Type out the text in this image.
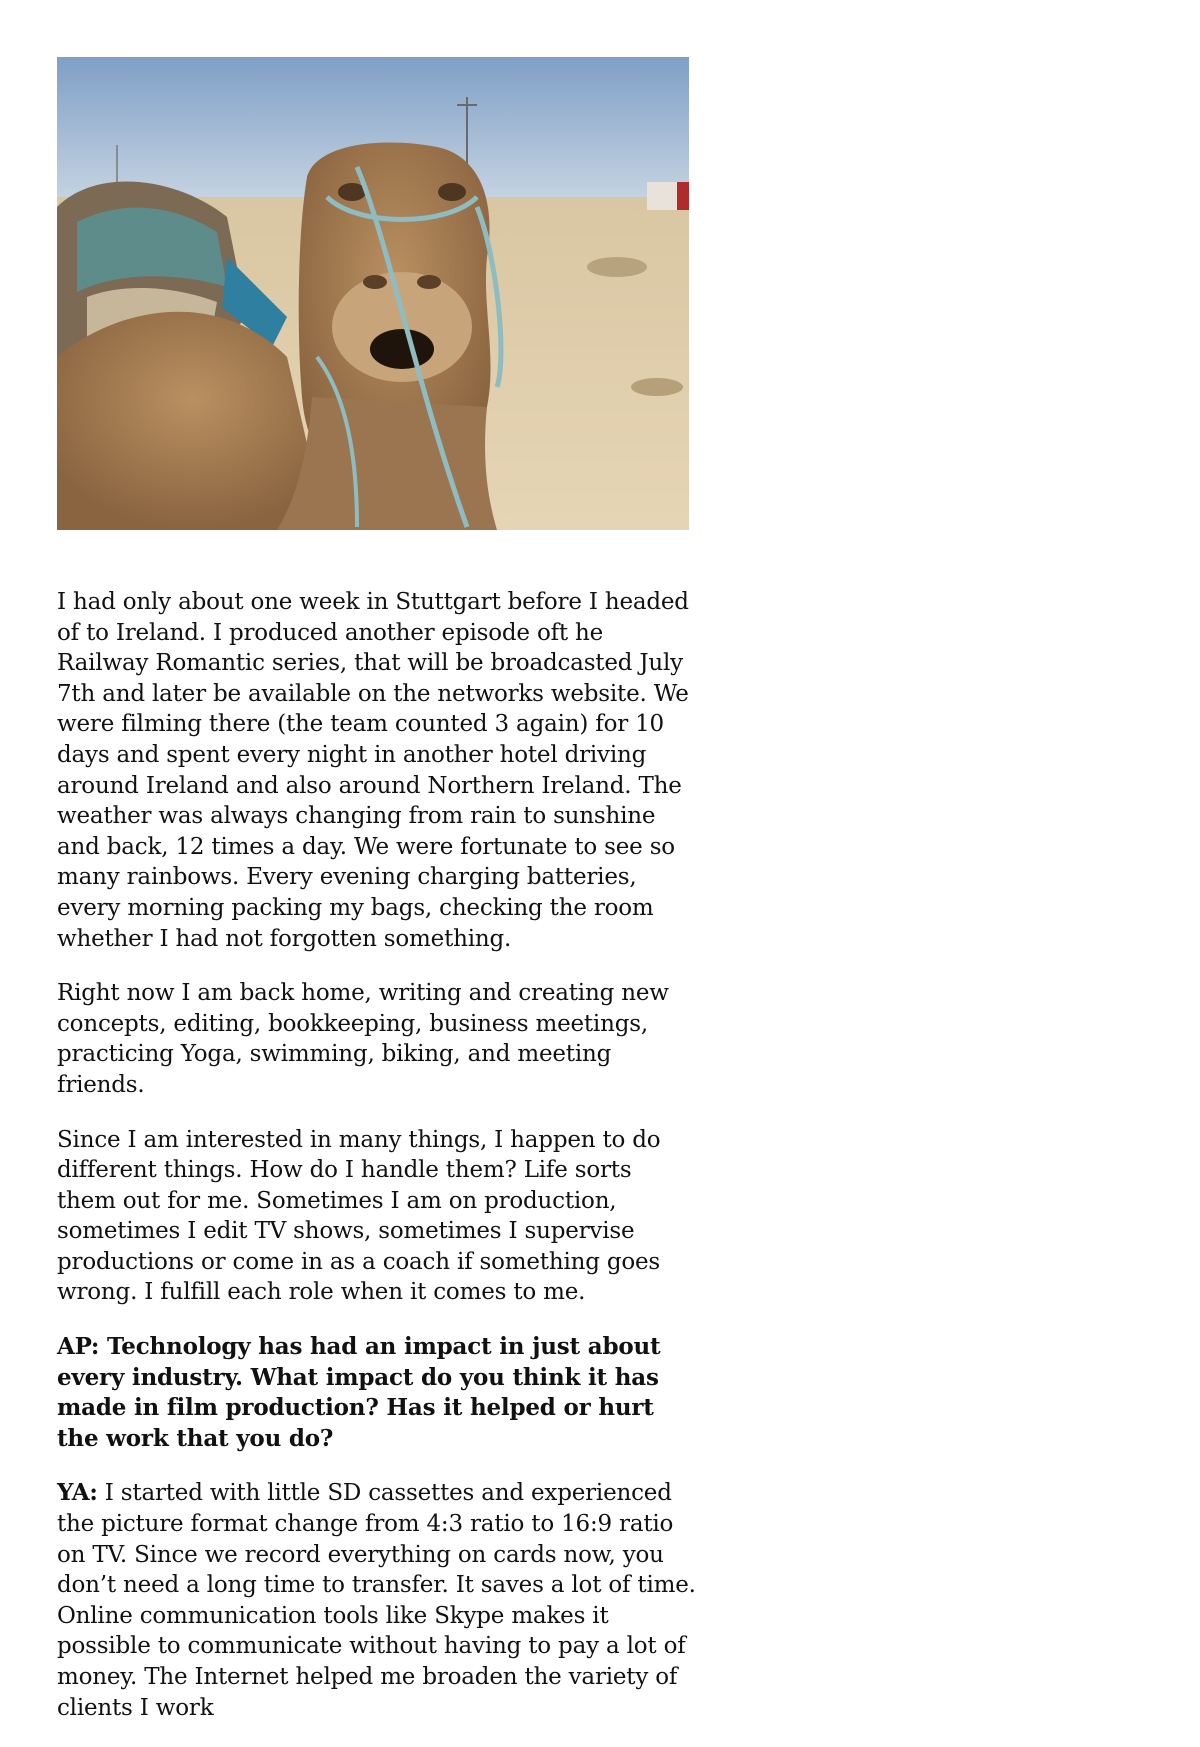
I had only about one week in Stuttgart before I headed of to Ireland. I produced another episode oft he Railway Romantic series, that will be broadcasted July 7th and later be available on the networks website. We were filming there (the team counted 3 again) for 10 days and spent every night in another hotel driving around Ireland and also around Northern Ireland. The weather was always changing from rain to sunshine and back, 12 times a day. We were fortunate to see so many rainbows. Every evening charging batteries, every morning packing my bags, checking the room whether I had not forgotten something.

Right now I am back home, writing and creating new concepts, editing, bookkeeping, business meetings, practicing Yoga, swimming, biking, and meeting friends.

Since I am interested in many things, I happen to do different things. How do I handle them? Life sorts them out for me. Sometimes I am on production, sometimes I edit TV shows, sometimes I supervise productions or come in as a coach if something goes wrong. I fulfill each role when it comes to me.

AP: Technology has had an impact in just about every industry. What impact do you think it has made in film production? Has it helped or hurt the work that you do?

YA: I started with little SD cassettes and experienced the picture format change from 4:3 ratio to 16:9 ratio on TV. Since we record everything on cards now, you don’t need a long time to transfer. It saves a lot of time. Online communication tools like Skype makes it possible to communicate without having to pay a lot of money. The Internet helped me broaden the variety of clients I work
